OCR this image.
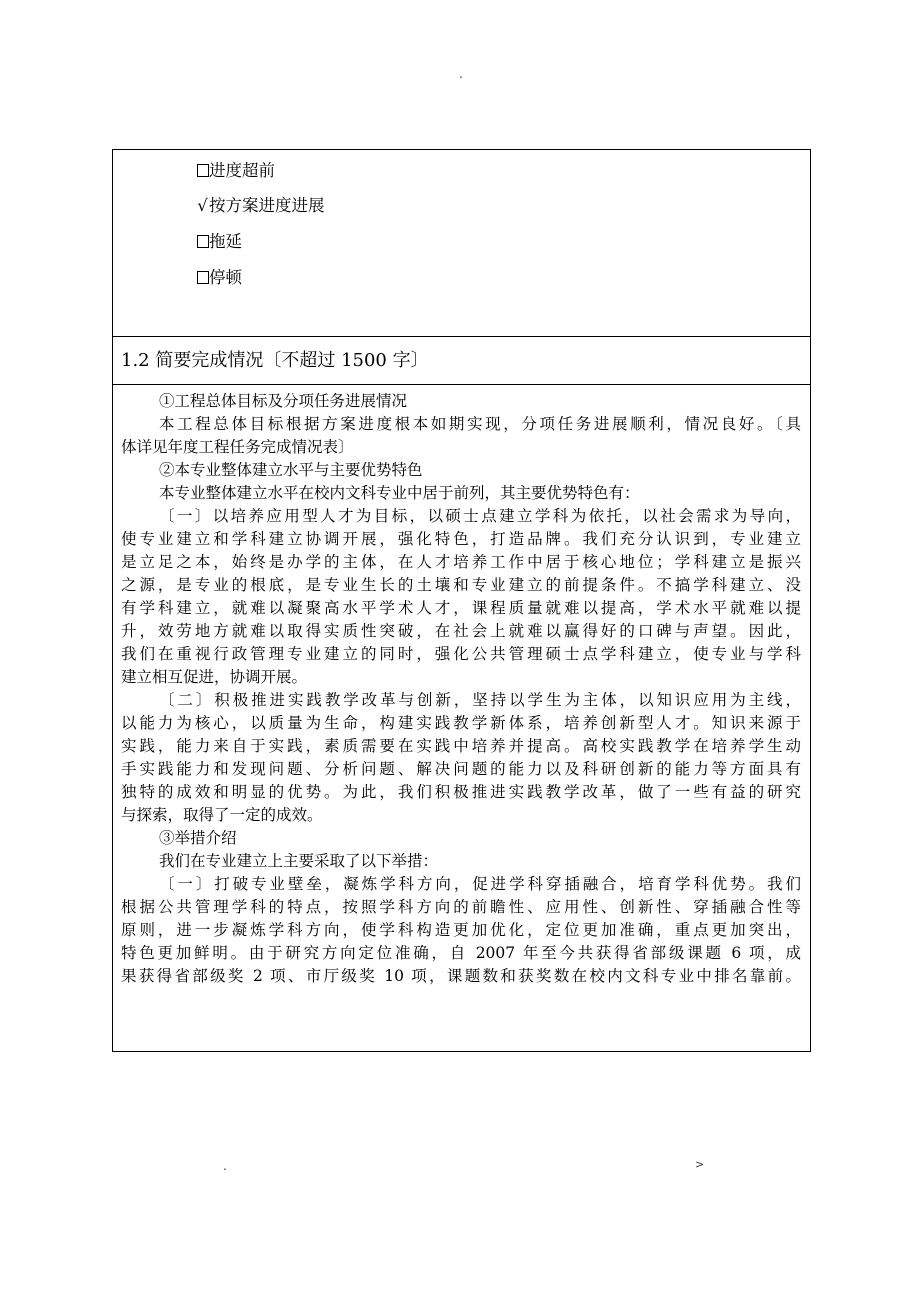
.
进度超前
√按方案进度进展
拖延
停顿
1.2 简要完成情况〔不超过 1500 字〕
①工程总体目标及分项任务进展情况
本工程总体目标根据方案进度根本如期实现，分项任务进展顺利，情况良好。〔具
体详见年度工程任务完成情况表〕
②本专业整体建立水平与主要优势特色
本专业整体建立水平在校内文科专业中居于前列，其主要优势特色有：
〔一〕以培养应用型人才为目标，以硕士点建立学科为依托，以社会需求为导向，
使专业建立和学科建立协调开展，强化特色，打造品牌。我们充分认识到，专业建立
是立足之本，始终是办学的主体，在人才培养工作中居于核心地位；学科建立是振兴
之源，是专业的根底，是专业生长的土壤和专业建立的前提条件。不搞学科建立、没
有学科建立，就难以凝聚高水平学术人才，课程质量就难以提高，学术水平就难以提
升，效劳地方就难以取得实质性突破，在社会上就难以赢得好的口碑与声望。因此，
我们在重视行政管理专业建立的同时，强化公共管理硕士点学科建立，使专业与学科
建立相互促进，协调开展。
〔二〕积极推进实践教学改革与创新，坚持以学生为主体，以知识应用为主线，
以能力为核心，以质量为生命，构建实践教学新体系，培养创新型人才。知识来源于
实践，能力来自于实践，素质需要在实践中培养并提高。高校实践教学在培养学生动
手实践能力和发现问题、分析问题、解决问题的能力以及科研创新的能力等方面具有
独特的成效和明显的优势。为此，我们积极推进实践教学改革，做了一些有益的研究
与探索，取得了一定的成效。
③举措介绍
我们在专业建立上主要采取了以下举措：
〔一〕打破专业壁垒，凝炼学科方向，促进学科穿插融合，培育学科优势。我们
根据公共管理学科的特点，按照学科方向的前瞻性、应用性、创新性、穿插融合性等
原则，进一步凝炼学科方向，使学科构造更加优化，定位更加准确，重点更加突出，
特色更加鲜明。由于研究方向定位准确，自 2007 年至今共获得省部级课题 6 项，成
果获得省部级奖 2 项、市厅级奖 10 项，课题数和获奖数在校内文科专业中排名靠前。
.	>
